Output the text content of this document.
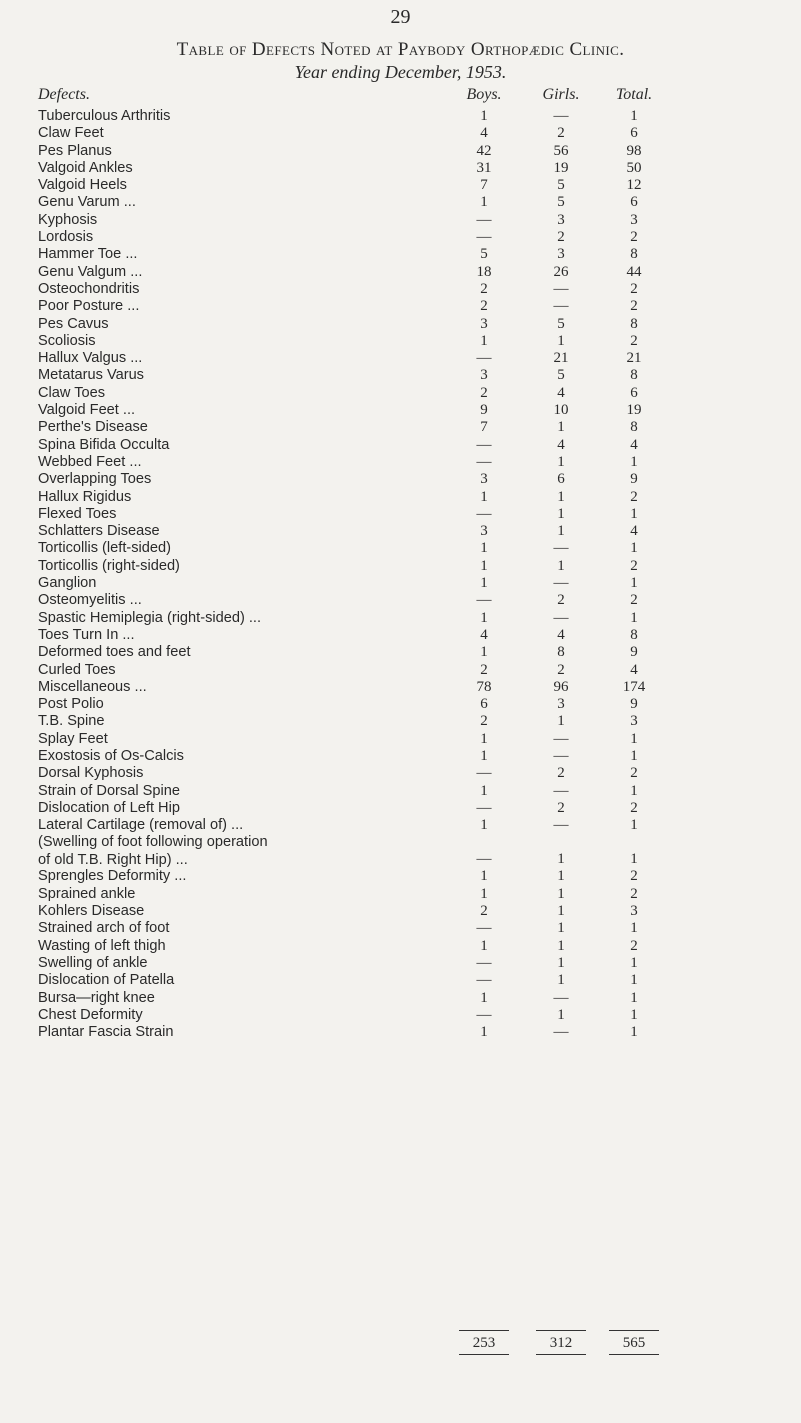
29
Table of Defects Noted at Paybody Orthopædic Clinic.
Year ending December, 1953.
Defects.	Boys.	Girls.	Total.
Tuberculous Arthritis	1	—	1
Claw Feet	4	2	6
Pes Planus	42	56	98
Valgoid Ankles	31	19	50
Valgoid Heels	7	5	12
Genu Varum ...	1	5	6
Kyphosis	—	3	3
Lordosis	—	2	2
Hammer Toe ...	5	3	8
Genu Valgum ...	18	26	44
Osteochondritis	2	—	2
Poor Posture ...	2	—	2
Pes Cavus	3	5	8
Scoliosis	1	1	2
Hallux Valgus ...	—	21	21
Metatarus Varus	3	5	8
Claw Toes	2	4	6
Valgoid Feet ...	9	10	19
Perthe's Disease	7	1	8
Spina Bifida Occulta	—	4	4
Webbed Feet ...	—	1	1
Overlapping Toes	3	6	9
Hallux Rigidus	1	1	2
Flexed Toes	—	1	1
Schlatters Disease	3	1	4
Torticollis (left-sided)	1	—	1
Torticollis (right-sided)	1	1	2
Ganglion	1	—	1
Osteomyelitis ...	—	2	2
Spastic Hemiplegia (right-sided) ...	1	—	1
Toes Turn In ...	4	4	8
Deformed toes and feet	1	8	9
Curled Toes	2	2	4
Miscellaneous ...	78	96	174
Post Polio	6	3	9
T.B. Spine	2	1	3
Splay Feet	1	—	1
Exostosis of Os-Calcis	1	—	1
Dorsal Kyphosis	—	2	2
Strain of Dorsal Spine	1	—	1
Dislocation of Left Hip	—	2	2
Lateral Cartilage (removal of) ...	1	—	1
(Swelling of foot following operation
of old T.B. Right Hip) ...	—	1	1
Sprengles Deformity ...	1	1	2
Sprained ankle	1	1	2
Kohlers Disease	2	1	3
Strained arch of foot	—	1	1
Wasting of left thigh	1	1	2
Swelling of ankle	—	1	1
Dislocation of Patella	—	1	1
Bursa—right knee	1	—	1
Chest Deformity	—	1	1
Plantar Fascia Strain	1	—	1
253	312	565
